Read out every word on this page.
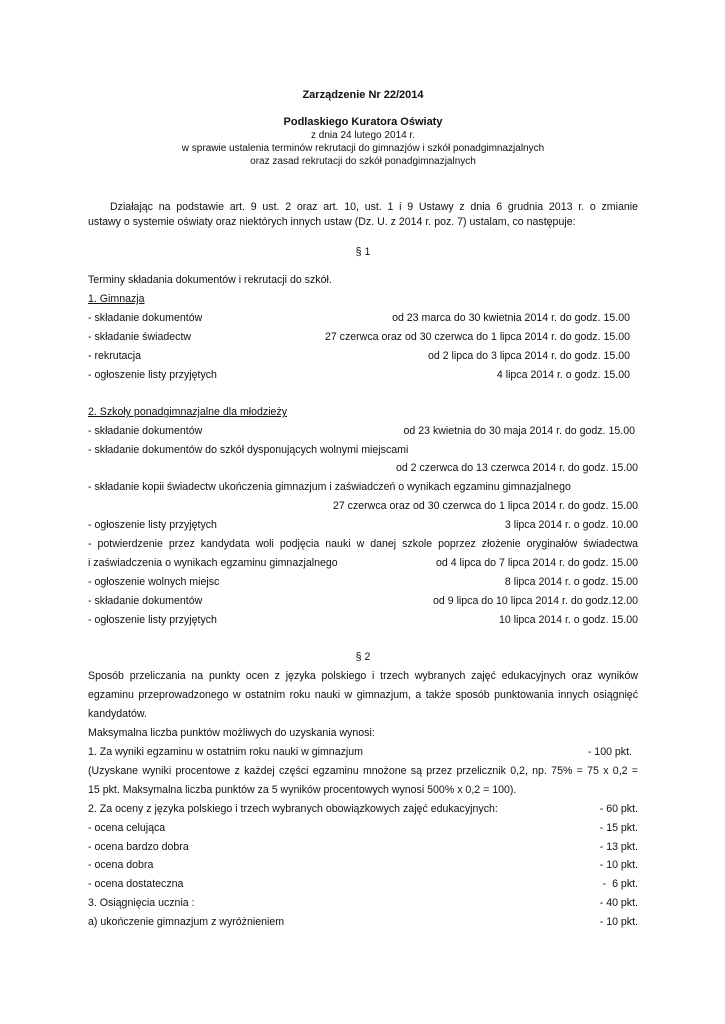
Zarządzenie Nr 22/2014
Podlaskiego Kuratora Oświaty
z dnia 24 lutego 2014 r.
w sprawie ustalenia terminów rekrutacji do gimnazjów i szkół ponadgimnazjalnych
oraz zasad rekrutacji do szkół ponadgimnazjalnych
Działając na podstawie art. 9 ust. 2 oraz art. 10, ust. 1 i 9 Ustawy z dnia 6 grudnia 2013 r. o zmianie
ustawy o systemie oświaty oraz niektórych innych ustaw (Dz. U. z 2014 r. poz. 7) ustalam, co następuje:
§ 1
Terminy składania dokumentów i rekrutacji do szkół.
1. Gimnazja
- składanie dokumentów	od 23 marca do 30 kwietnia 2014 r. do godz. 15.00
- składanie świadectw	27 czerwca oraz od 30 czerwca do 1 lipca 2014 r. do godz. 15.00
- rekrutacja	od 2 lipca do 3 lipca 2014 r. do godz. 15.00
- ogłoszenie listy przyjętych	4 lipca 2014 r. o godz. 15.00
2. Szkoły ponadgimnazjalne dla młodzieży
- składanie dokumentów	od 23 kwietnia do 30 maja 2014 r. do godz. 15.00
- składanie dokumentów do szkół dysponujących wolnymi miejscami
od 2 czerwca do 13 czerwca 2014 r. do godz. 15.00
- składanie kopii świadectw ukończenia gimnazjum i zaświadczeń o wynikach egzaminu gimnazjalnego
27 czerwca oraz od 30 czerwca do 1 lipca 2014 r. do godz. 15.00
- ogłoszenie listy przyjętych	3 lipca 2014 r. o godz. 10.00
- potwierdzenie przez kandydata woli podjęcia nauki w danej szkole poprzez złożenie oryginałów świadectwa
i zaświadczenia o wynikach egzaminu gimnazjalnego	od 4 lipca do 7 lipca 2014 r. do godz. 15.00
- ogłoszenie wolnych miejsc	8 lipca 2014 r. o godz. 15.00
- składanie dokumentów	od 9 lipca do 10 lipca 2014 r. do godz.12.00
- ogłoszenie listy przyjętych	10 lipca 2014 r. o godz. 15.00
§ 2
Sposób przeliczania na punkty ocen z języka polskiego i trzech wybranych zajęć edukacyjnych oraz wyników
egzaminu przeprowadzonego w ostatnim roku nauki w gimnazjum, a także sposób punktowania innych osiągnięć
kandydatów.
Maksymalna liczba punktów możliwych do uzyskania wynosi:
1. Za wyniki egzaminu w ostatnim roku nauki w gimnazjum	- 100 pkt.
(Uzyskane wyniki procentowe z każdej części egzaminu mnożone są przez przelicznik 0,2, np. 75% = 75 x 0,2 =
15 pkt. Maksymalna liczba punktów za 5 wyników procentowych wynosi 500% x 0,2 = 100).
2. Za oceny z języka polskiego i trzech wybranych obowiązkowych zajęć edukacyjnych:	- 60 pkt.
- ocena celująca	- 15 pkt.
- ocena bardzo dobra	- 13 pkt.
- ocena dobra	- 10 pkt.
- ocena dostateczna	-  6 pkt.
3. Osiągnięcia ucznia :	- 40 pkt.
a) ukończenie gimnazjum z wyróżnieniem	- 10 pkt.
